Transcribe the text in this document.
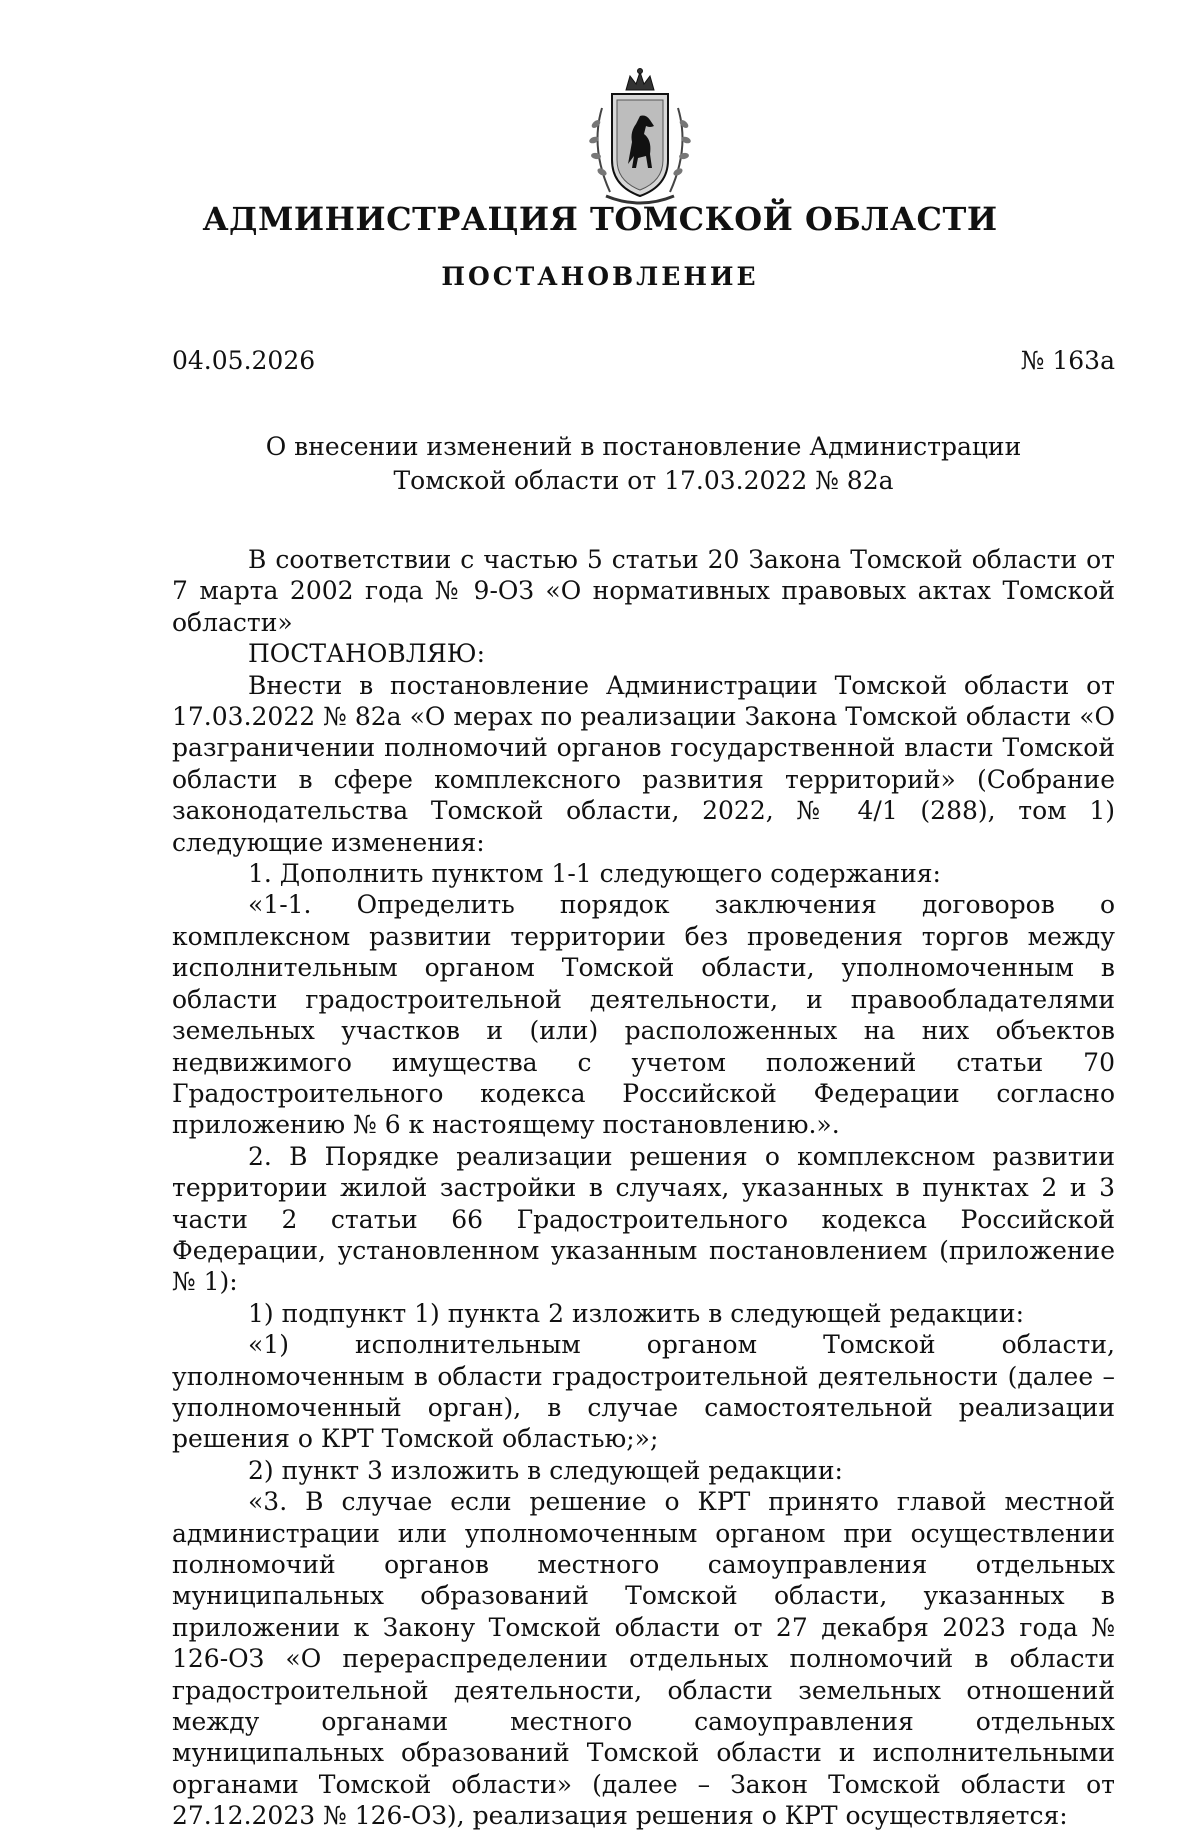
АДМИНИСТРАЦИЯ ТОМСКОЙ ОБЛАСТИ
ПОСТАНОВЛЕНИЕ
04.05.2026	№ 163а
О внесении изменений в постановление Администрации
Томской области от 17.03.2022 № 82а

В соответствии с частью 5 статьи 20 Закона Томской области от 7 марта 2002 года № 9-ОЗ «О нормативных правовых актах Томской области»

ПОСТАНОВЛЯЮ:

Внести в постановление Администрации Томской области от 17.03.2022 № 82а «О мерах по реализации Закона Томской области «О разграничении полномочий органов государственной власти Томской области в сфере комплексного развития территорий» (Собрание законодательства Томской области, 2022, № 4/1 (288), том 1) следующие изменения:

1. Дополнить пунктом 1-1 следующего содержания:

«1-1. Определить порядок заключения договоров о комплексном развитии территории без проведения торгов между исполнительным органом Томской области, уполномоченным в области градостроительной деятельности, и правообладателями земельных участков и (или) расположенных на них объектов недвижимого имущества с учетом положений статьи 70 Градостроительного кодекса Российской Федерации согласно приложению № 6 к настоящему постановлению.».

2. В Порядке реализации решения о комплексном развитии территории жилой застройки в случаях, указанных в пунктах 2 и 3 части 2 статьи 66 Градостроительного кодекса Российской Федерации, установленном указанным постановлением (приложение № 1):

1) подпункт 1) пункта 2 изложить в следующей редакции:

«1) исполнительным органом Томской области, уполномоченным в области градостроительной деятельности (далее – уполномоченный орган), в случае самостоятельной реализации решения о КРТ Томской областью;»;

2) пункт 3 изложить в следующей редакции:

«3. В случае если решение о КРТ принято главой местной администрации или уполномоченным органом при осуществлении полномочий органов местного самоуправления отдельных муниципальных образований Томской области, указанных в приложении к Закону Томской области от 27 декабря 2023 года № 126-ОЗ «О перераспределении отдельных полномочий в области градостроительной деятельности, области земельных отношений между органами местного самоуправления отдельных муниципальных образований Томской области и исполнительными органами Томской области» (далее – Закон Томской области от 27.12.2023 № 126-ОЗ), реализация решения о КРТ осуществляется:
